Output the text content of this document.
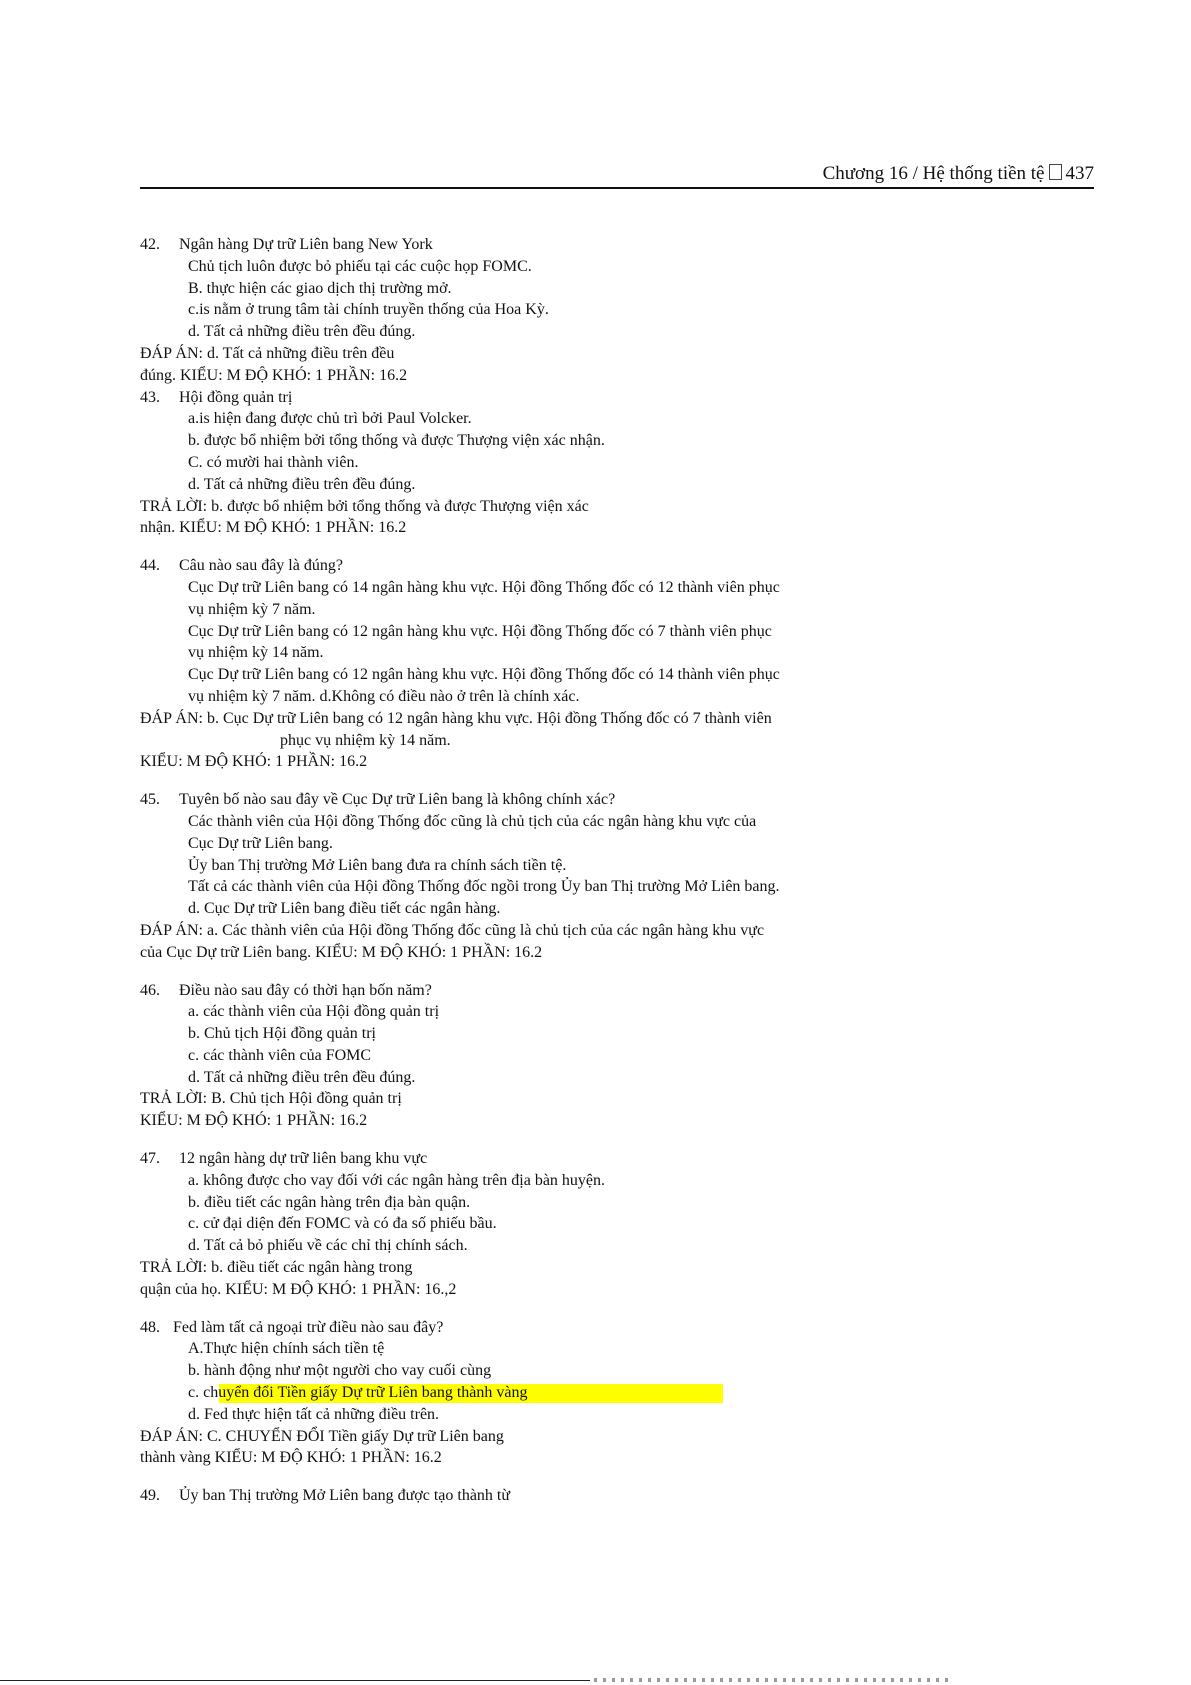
Chương 16 / Hệ thống tiền tệ 437
42. Ngân hàng Dự trữ Liên bang New York
Chủ tịch luôn được bỏ phiếu tại các cuộc họp FOMC.
B. thực hiện các giao dịch thị trường mở.
c.is nằm ở trung tâm tài chính truyền thống của Hoa Kỳ.
d. Tất cả những điều trên đều đúng.
ĐÁP ÁN: d. Tất cả những điều trên đều
đúng. KIỂU: M ĐỘ KHÓ: 1 PHẦN: 16.2
43. Hội đồng quản trị
a.is hiện đang được chủ trì bởi Paul Volcker.
b. được bổ nhiệm bởi tổng thống và được Thượng viện xác nhận.
C. có mười hai thành viên.
d. Tất cả những điều trên đều đúng.
TRẢ LỜI: b. được bổ nhiệm bởi tổng thống và được Thượng viện xác
nhận. KIỂU: M ĐỘ KHÓ: 1 PHẦN: 16.2
44. Câu nào sau đây là đúng?
Cục Dự trữ Liên bang có 14 ngân hàng khu vực. Hội đồng Thống đốc có 12 thành viên phục
vụ nhiệm kỳ 7 năm.
Cục Dự trữ Liên bang có 12 ngân hàng khu vực. Hội đồng Thống đốc có 7 thành viên phục
vụ nhiệm kỳ 14 năm.
Cục Dự trữ Liên bang có 12 ngân hàng khu vực. Hội đồng Thống đốc có 14 thành viên phục
vụ nhiệm kỳ 7 năm. d.Không có điều nào ở trên là chính xác.
ĐÁP ÁN: b. Cục Dự trữ Liên bang có 12 ngân hàng khu vực. Hội đồng Thống đốc có 7 thành viên
phục vụ nhiệm kỳ 14 năm.
KIỂU: M ĐỘ KHÓ: 1 PHẦN: 16.2
45. Tuyên bố nào sau đây về Cục Dự trữ Liên bang là không chính xác?
Các thành viên của Hội đồng Thống đốc cũng là chủ tịch của các ngân hàng khu vực của
Cục Dự trữ Liên bang.
Ủy ban Thị trường Mở Liên bang đưa ra chính sách tiền tệ.
Tất cả các thành viên của Hội đồng Thống đốc ngồi trong Ủy ban Thị trường Mở Liên bang.
d. Cục Dự trữ Liên bang điều tiết các ngân hàng.
ĐÁP ÁN: a. Các thành viên của Hội đồng Thống đốc cũng là chủ tịch của các ngân hàng khu vực
của Cục Dự trữ Liên bang. KIỂU: M ĐỘ KHÓ: 1 PHẦN: 16.2
46. Điều nào sau đây có thời hạn bốn năm?
a. các thành viên của Hội đồng quản trị
b. Chủ tịch Hội đồng quản trị
c. các thành viên của FOMC
d. Tất cả những điều trên đều đúng.
TRẢ LỜI: B. Chủ tịch Hội đồng quản trị
KIỂU: M ĐỘ KHÓ: 1 PHẦN: 16.2
47. 12 ngân hàng dự trữ liên bang khu vực
a. không được cho vay đối với các ngân hàng trên địa bàn huyện.
b. điều tiết các ngân hàng trên địa bàn quận.
c. cử đại diện đến FOMC và có đa số phiếu bầu.
d. Tất cả bỏ phiếu về các chỉ thị chính sách.
TRẢ LỜI: b. điều tiết các ngân hàng trong
quận của họ. KIỂU: M ĐỘ KHÓ: 1 PHẦN: 16.,2
48. Fed làm tất cả ngoại trừ điều nào sau đây?
A.Thực hiện chính sách tiền tệ
b. hành động như một người cho vay cuối cùng
c. chuyển đổi Tiền giấy Dự trữ Liên bang thành vàng
d. Fed thực hiện tất cả những điều trên.
ĐÁP ÁN: C. CHUYỂN ĐỔI Tiền giấy Dự trữ Liên bang
thành vàng KIỂU: M ĐỘ KHÓ: 1 PHẦN: 16.2
49. Ủy ban Thị trường Mở Liên bang được tạo thành từ
